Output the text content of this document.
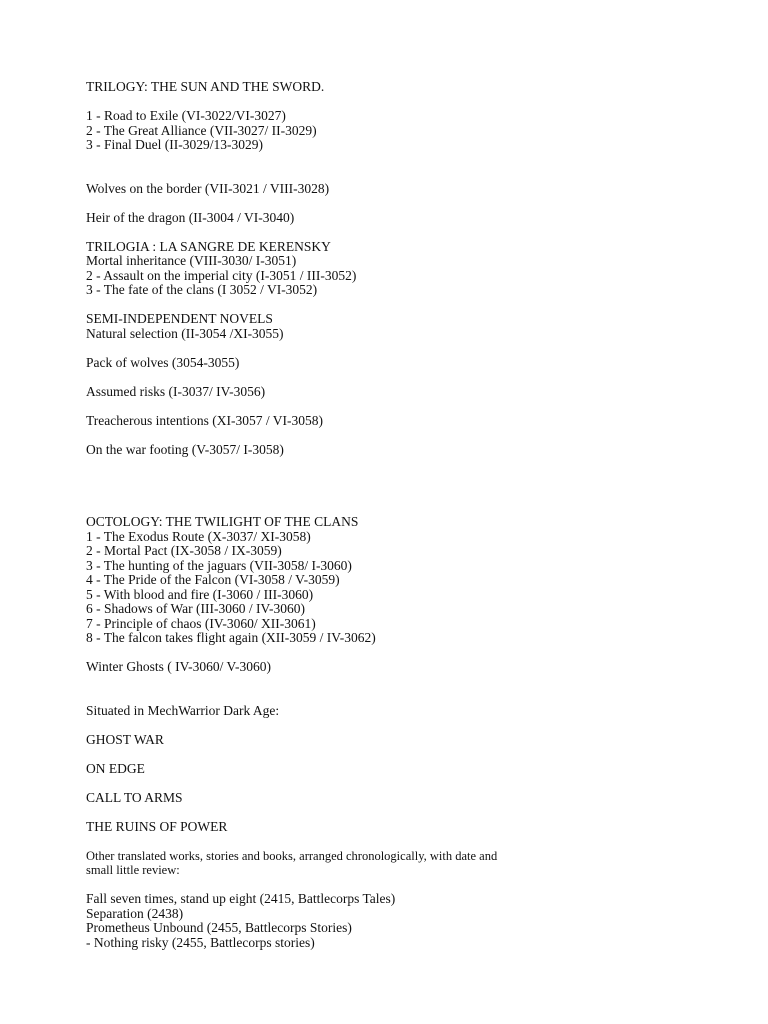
TRILOGY: THE SUN AND THE SWORD.
1 - Road to Exile (VI-3022/VI-3027)
2 - The Great Alliance (VII-3027/ II-3029)
3 - Final Duel (II-3029/13-3029)
Wolves on the border (VII-3021 / VIII-3028)
Heir of the dragon (II-3004 / VI-3040)
TRILOGIA : LA SANGRE DE KERENSKY
Mortal inheritance (VIII-3030/ I-3051)
2 - Assault on the imperial city (I-3051 / III-3052)
3 - The fate of the clans (I 3052 / VI-3052)
SEMI-INDEPENDENT NOVELS
Natural selection (II-3054 /XI-3055)
Pack of wolves (3054-3055)
Assumed risks (I-3037/ IV-3056)
Treacherous intentions (XI-3057 / VI-3058)
On the war footing (V-3057/ I-3058)
OCTOLOGY: THE TWILIGHT OF THE CLANS
1 - The Exodus Route (X-3037/ XI-3058)
2 - Mortal Pact (IX-3058 / IX-3059)
3 - The hunting of the jaguars (VII-3058/ I-3060)
4 - The Pride of the Falcon (VI-3058 / V-3059)
5 - With blood and fire (I-3060 / III-3060)
6 - Shadows of War (III-3060 / IV-3060)
7 - Principle of chaos (IV-3060/ XII-3061)
8 - The falcon takes flight again (XII-3059 / IV-3062)
Winter Ghosts ( IV-3060/ V-3060)
Situated in MechWarrior Dark Age:
GHOST WAR
ON EDGE
CALL TO ARMS
THE RUINS OF POWER
Other translated works, stories and books, arranged chronologically, with date and small little review:
Fall seven times, stand up eight (2415, Battlecorps Tales)
Separation (2438)
Prometheus Unbound (2455, Battlecorps Stories)
- Nothing risky (2455, Battlecorps stories)
